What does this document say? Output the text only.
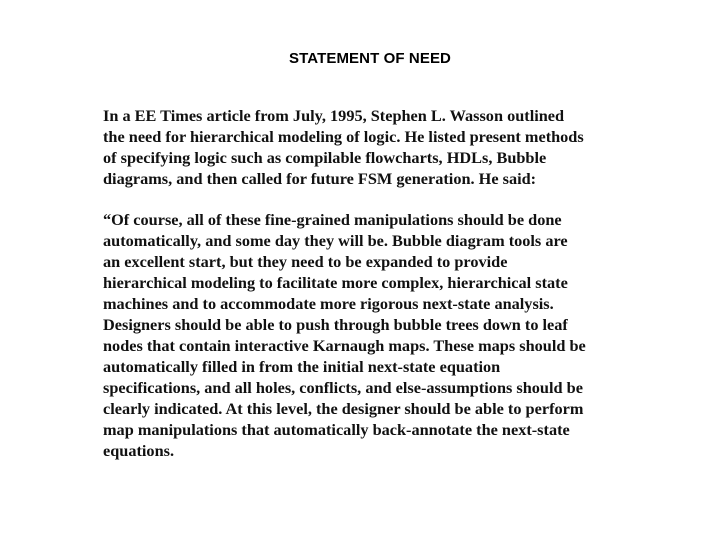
STATEMENT OF NEED
In a EE Times article from July, 1995, Stephen L. Wasson outlined
the need for hierarchical modeling of logic. He listed present methods
of specifying logic such as compilable flowcharts, HDLs, Bubble
diagrams, and then called for future FSM generation. He said:
“Of course, all of these fine-grained manipulations should be done
automatically, and some day they will be. Bubble diagram tools are
an excellent start, but they need to be expanded to provide
hierarchical modeling to facilitate more complex, hierarchical state
machines and to accommodate more rigorous next-state analysis.
Designers should be able to push through bubble trees down to leaf
nodes that contain interactive Karnaugh maps. These maps should be
automatically filled in from the initial next-state equation
specifications, and all holes, conflicts, and else-assumptions should be
clearly indicated. At this level, the designer should be able to perform
map manipulations that automatically back-annotate the next-state
equations.
